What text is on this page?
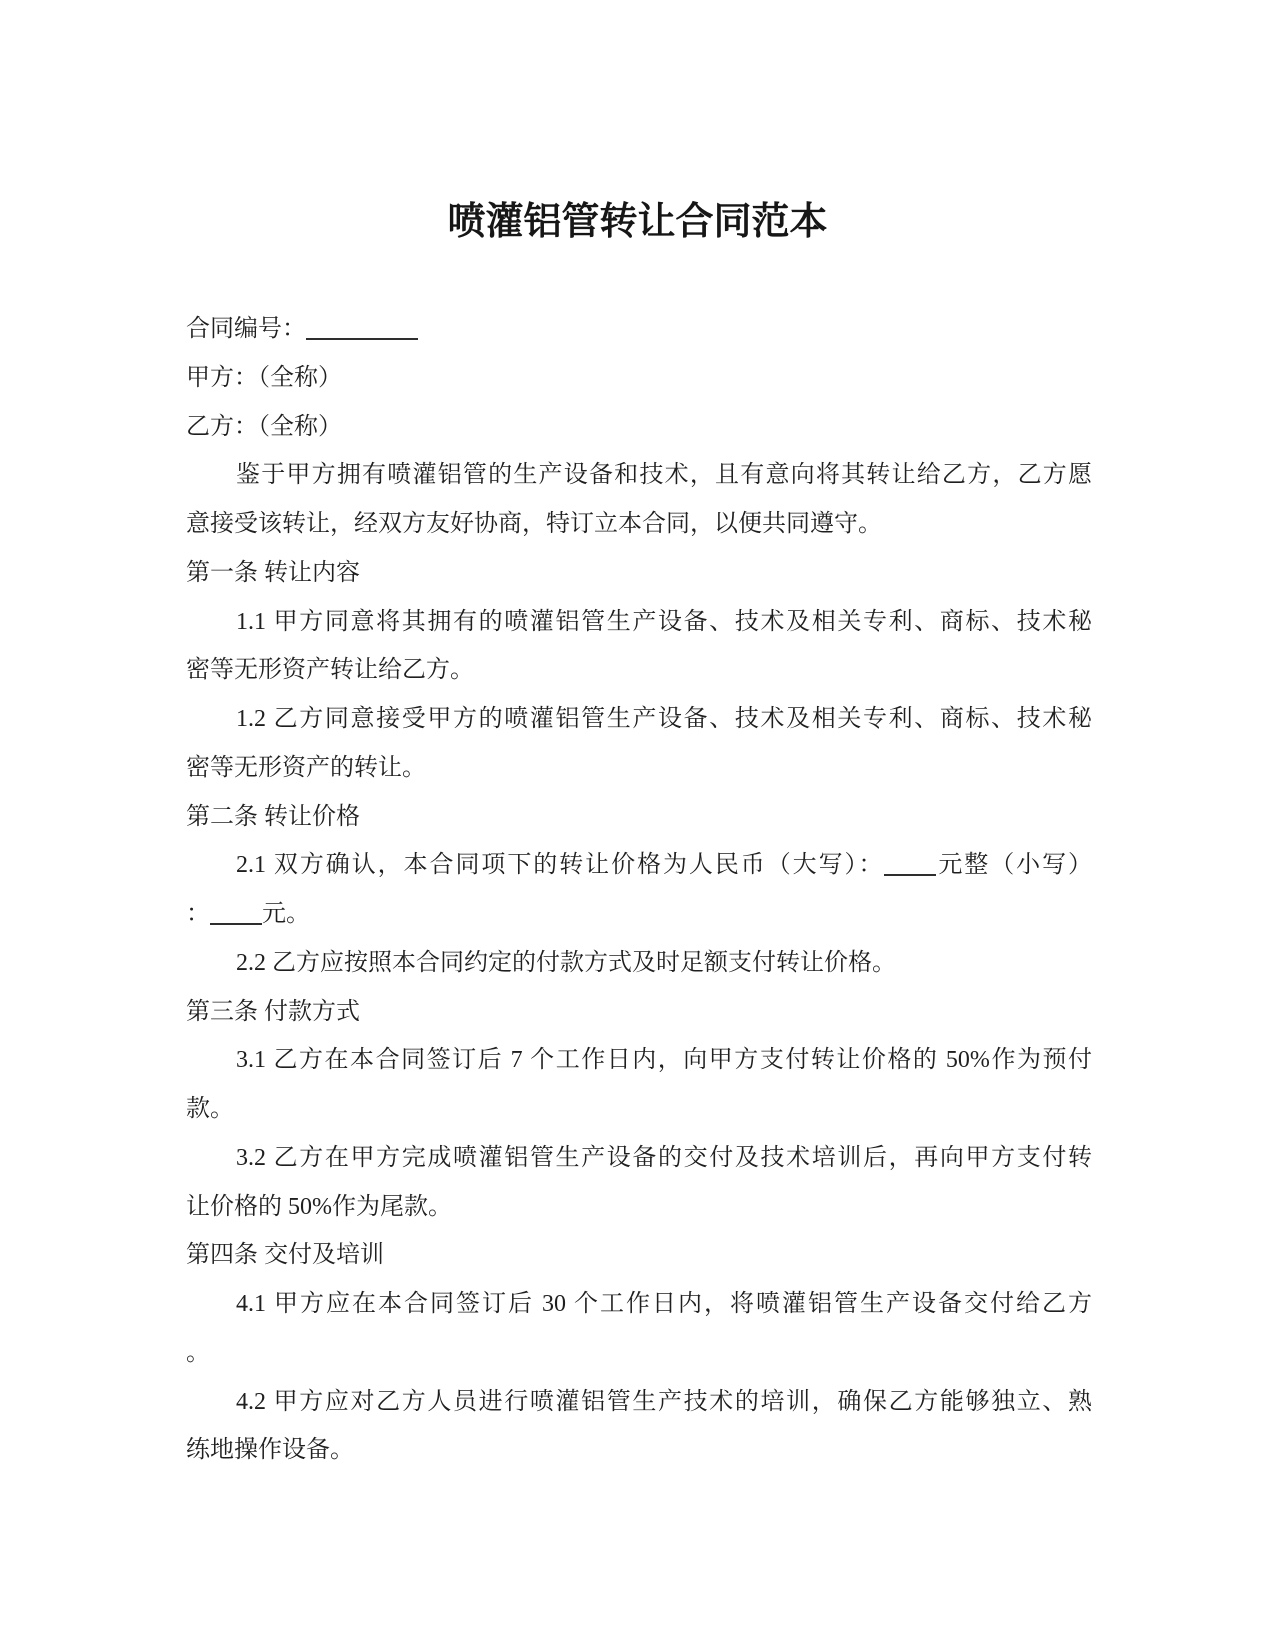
喷灌铝管转让合同范本
合同编号：
甲方：（全称）
乙方：（全称）
鉴于甲方拥有喷灌铝管的生产设备和技术，且有意向将其转让给乙方，乙方愿
意接受该转让，经双方友好协商，特订立本合同，以便共同遵守。
第一条 转让内容
1.1 甲方同意将其拥有的喷灌铝管生产设备、技术及相关专利、商标、技术秘
密等无形资产转让给乙方。
1.2 乙方同意接受甲方的喷灌铝管生产设备、技术及相关专利、商标、技术秘
密等无形资产的转让。
第二条 转让价格
2.1 双方确认，本合同项下的转让价格为人民币（大写）： 元整（小写）
： 元。
2.2 乙方应按照本合同约定的付款方式及时足额支付转让价格。
第三条 付款方式
3.1 乙方在本合同签订后 7 个工作日内，向甲方支付转让价格的 50%作为预付
款。
3.2 乙方在甲方完成喷灌铝管生产设备的交付及技术培训后，再向甲方支付转
让价格的 50%作为尾款。
第四条 交付及培训
4.1 甲方应在本合同签订后 30 个工作日内，将喷灌铝管生产设备交付给乙方
。
4.2 甲方应对乙方人员进行喷灌铝管生产技术的培训，确保乙方能够独立、熟
练地操作设备。
